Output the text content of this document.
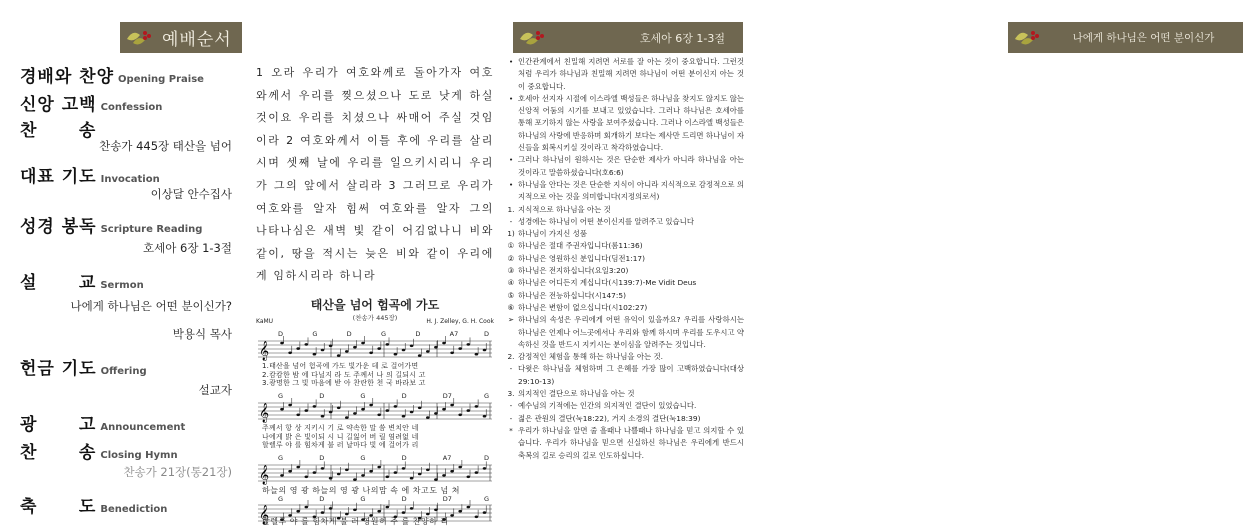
예배순서
경배와 찬양 Opening Praise
신앙 고백 Confession
찬      송
찬송가 445장 태산을 넘어
대표 기도 Invocation
이상달 안수집사
성경 봉독 Scripture Reading
호세아 6장 1-3절
설      교 Sermon
나에게 하나님은 어떤 분이신가?
박용식 목사
헌금 기도 Offering
설교자
광      고 Announcement
찬      송 Closing Hymn
찬송가 21장(통21장)
축      도 Benediction
호세아 6장 1-3절
1 오라 우리가 여호와께로 돌아가자 여호와께서 우리를 찢으셨으나 도로 낫게 하실 것이요 우리를 치셨으나 싸매어 주실 것임이라 2 여호와께서 이틀 후에 우리를 살리시며 셋째 날에 우리를 일으키시리니 우리가 그의 앞에서 살리라 3 그러므로 우리가 여호와를 알자 힘써 여호와를 알자 그의 나타나심은 새벽 빛 같이 어김없나니 비와 같이, 땅을 적시는 늦은 비와 같이 우리에게 임하시리라 하니라
태산을 넘어 험곡에 가도
(찬송가 445장)
KaMU	H. J. Zelley, G. H. Cook
D	G	D	G	D	A7	D
𝄞
1.태산을 넘어 험곡에 가도 빛가운 데 로 걸어가면
2.캄캄한 밤 에 다닐지 라 도 주께서 나 의 길되시 고
3.광명한 그 빛 마음에 받 아 찬란한 천 국 바라보 고
G	D	G	D	D7	G
𝄞
주께서 항 상 지키시 기 로 약속한 말 씀 변치안 네
나에게 밝 은 빛이되 시 니 길잃어 버 릴 염려없 네
할렐루 야 를 힘차게 불 러 날마다 빛 에 걸어가 리
G	D	G	D	A7	D
𝄞
하늘의 영 광 하늘의 영 광 나의맘 속 에 차고도 넘 쳐
G	D	G	D	D7	G
𝄞
할렐루 야 를 힘차게 불 러 영원히 주 를 찬양하 리
나에게 하나님은 어떤 분이신가
• 인간관계에서 친밀해 지려면 서로를 잘 아는 것이 중요합니다. 그런것 처럼 우리가 하나님과 친밀해 지려면 하나님이 어떤 분이신지 아는 것이 중요합니다.
• 호세아 선지자 시절에 이스라엘 백성들은 하나님을 찾지도 않지도 않는 신앙적 어둠의 시기를 보내고 있었습니다. 그러나 하나님은 호세아를 통해 포기하지 않는 사랑을 보여주셨습니다. 그러나 이스라엘 백성들은 하나님의 사랑에 반응하며 회개하기 보다는 제사만 드리면 하나님이 자신들을 회복시키실 것이라고 착각하였습니다.
• 그러나 하나님이 원하시는 것은 단순한 제사가 아니라 하나님을 아는 것이라고 말씀하셨습니다(호6:6)
• 하나님을 안다는 것은 단순한 지식이 아니라 지식적으로 감정적으로 의지적으로 아는 것을 의미합니다(지정의로서)
1. 지식적으로 하나님을 아는 것
- 성경에는 하나님이 어떤 분이신지를 알려주고 있습니다
1) 하나님이 가지신 성품
① 하나님은 절대 주권자입니다(롬11:36)
② 하나님은 영원하신 분입니다(딤전1:17)
③ 하나님은 전지하십니다(요일3:20)
④ 하나님은 어디든지 계십니다(시139:7)-Me Vidit Deus
⑤ 하나님은 전능하십니다(시147:5)
⑥ 하나님은 변함이 없으십니다(시102:27)
➢ 하나님의 속성은 우리에게 어떤 유익이 있을까요? 우리를 사랑하시는 하나님은 언제나 어느곳에서나 우리와 함께 하시며 우리를 도우시고 약속하신 것을 반드시 지키시는 분이심을 알려주는 것입니다.
2. 감정적인 체험을 통해 하는 하나님을 아는 것.
- 다윗은 하나님을 체험하며 그 은혜를 가장 많이 고백하였습니다(대상29:10-13)
3. 의지적인 결단으로 하나님을 아는 것
- 예수님의 기적에는 인간의 의지적인 결단이 있었습니다.
- 젊은 관원의 결단(눅18:22), 거지 소경의 결단(눅18:39)
* 우리가 하나님을 알면 줄 흘때나 나쁠때나 하나님을 믿고 의지할 수 있습니다. 우리가 하나님을 믿으면 신실하신 하나님은 우리에게 반드시 축복의 길로 승리의 길로 인도하십니다.
